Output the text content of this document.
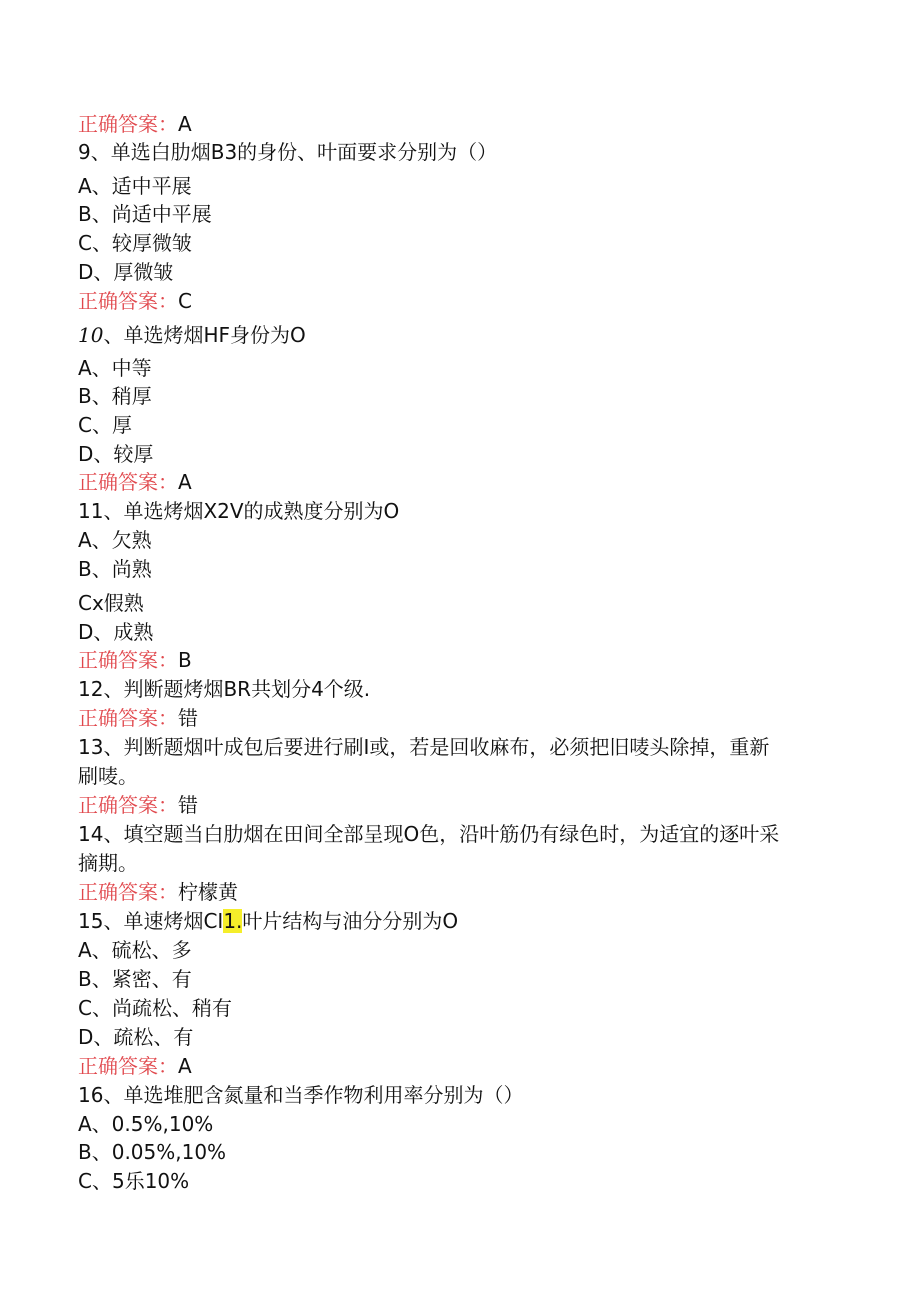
正确答案：A
9、单选白肋烟B3的身份、叶面要求分别为（）
A、适中平展
B、尚适中平展
C、较厚微皱
D、厚微皱
正确答案：C
10、单选烤烟HF身份为O
A、中等
B、稍厚
C、厚
D、较厚
正确答案：A
11、单选烤烟X2V的成熟度分别为O
A、欠熟
B、尚熟
Cx假熟
D、成熟
正确答案：B
12、判断题烤烟BR共划分4个级.
正确答案：错
13、判断题烟叶成包后要进行刷I或，若是回收麻布，必须把旧唛头除掉，重新
刷唛。
正确答案：错
14、填空题当白肋烟在田间全部呈现O色，沿叶筋仍有绿色时，为适宜的逐叶采
摘期。
正确答案：柠檬黄
15、单速烤烟CI1.叶片结构与油分分别为O
A、硫松、多
B、紧密、有
C、尚疏松、稍有
D、疏松、有
正确答案：A
16、单选堆肥含氮量和当季作物利用率分别为（）
A、0.5%,10%
B、0.05%,10%
C、5乐10%
